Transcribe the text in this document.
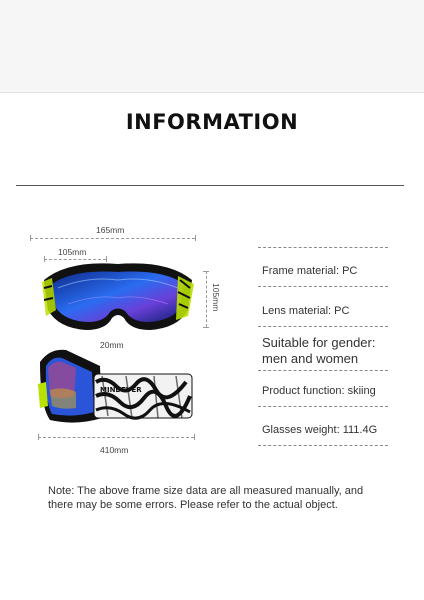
INFORMATION
165mm
105mm
105mm
20mm
MINDEVER
410mm
Frame material: PC
Lens material: PC
Suitable for gender:
men and women
Product function: skiing
Glasses weight: 111.4G
Note: The above frame size data are all measured manually, and
there may be some errors. Please refer to the actual object.
